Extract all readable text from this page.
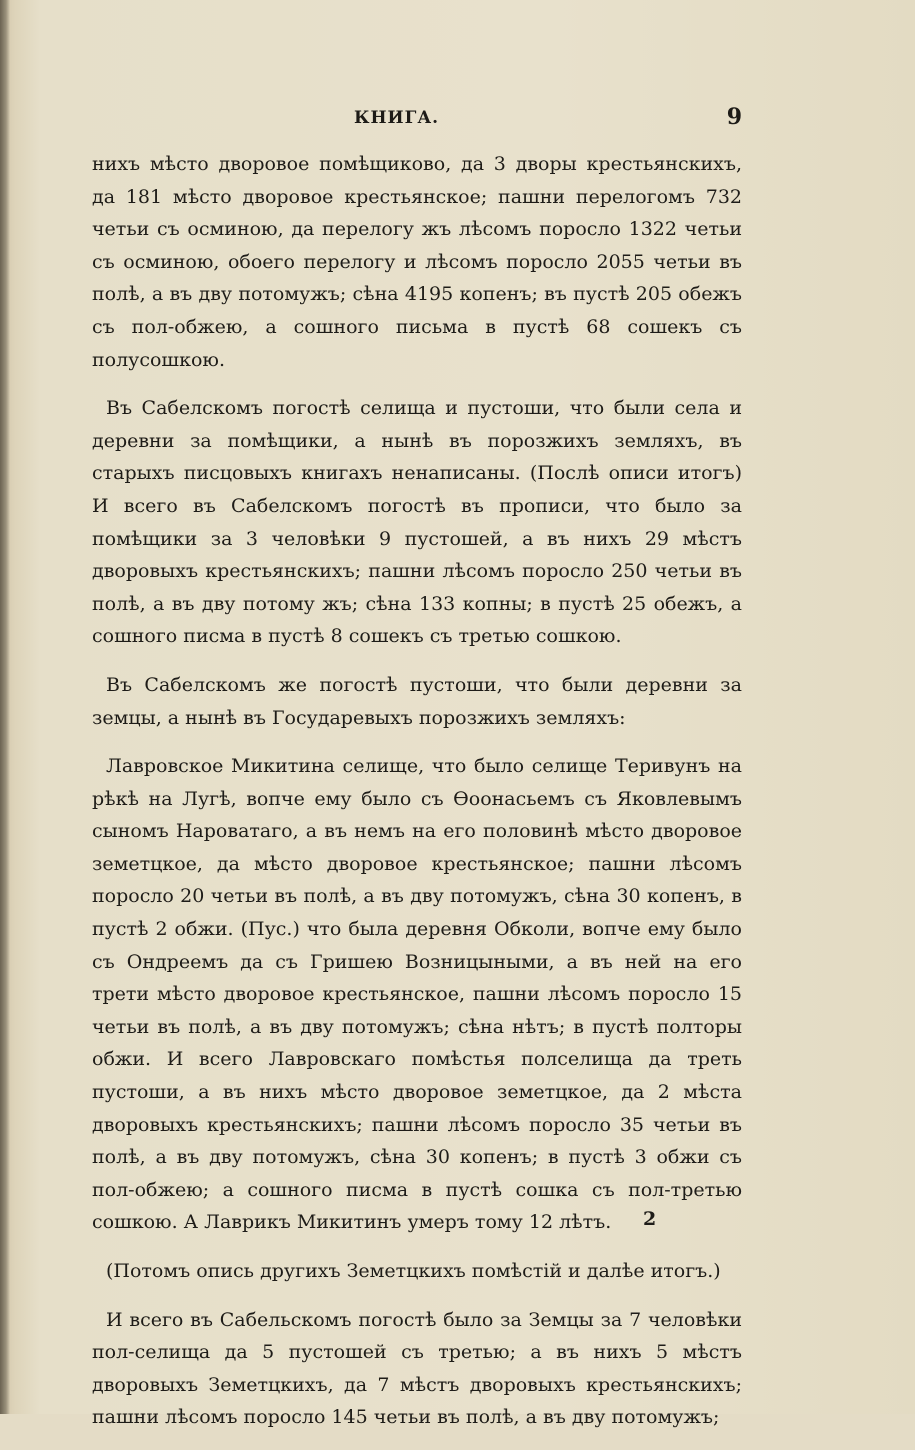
КНИГА.	9

нихъ мѣсто дворовое помѣщиково, да 3 дворы крестьянскихъ, да 181 мѣсто дворовое крестьянское; пашни перелогомъ 732 четьи съ осминою, да перелогу жъ лѣсомъ поросло 1322 четьи съ осминою, обоего перелогу и лѣсомъ поросло 2055 четьи въ полѣ, а въ дву потомужъ; сѣна 4195 копенъ; въ пустѣ 205 обежъ съ пол-обжею, а сошного письма в пустѣ 68 сошекъ съ полусошкою.

Въ Сабелскомъ погостѣ селища и пустоши, что были села и деревни за помѣщики, а нынѣ въ порозжихъ земляхъ, въ старыхъ писцовыхъ книгахъ ненаписаны. (Послѣ описи итогъ) И всего въ Сабелскомъ погостѣ въ прописи, что было за помѣщики за 3 человѣки 9 пустошей, а въ нихъ 29 мѣстъ дворовыхъ крестьянскихъ; пашни лѣсомъ поросло 250 четьи въ полѣ, а въ дву потому жъ; сѣна 133 копны; в пустѣ 25 обежъ, а сошного писма в пустѣ 8 сошекъ съ третью сошкою.

Въ Сабелскомъ же погостѣ пустоши, что были деревни за земцы, а нынѣ въ Государевыхъ порозжихъ земляхъ:

Лавровское Микитина селище, что было селище Теривунъ на рѣкѣ на Лугѣ, вопче ему было съ Ѳоонасьемъ съ Яковлевымъ сыномъ Нароватаго, а въ немъ на его половинѣ мѣсто дворовое земетцкое, да мѣсто дворовое крестьянское; пашни лѣсомъ поросло 20 четьи въ полѣ, а въ дву потомужъ, сѣна 30 копенъ, в пустѣ 2 обжи. (Пус.) что была деревня Обколи, вопче ему было съ Ондреемъ да съ Гришею Возницыными, а въ ней на его трети мѣсто дворовое крестьянское, пашни лѣсомъ поросло 15 четьи въ полѣ, а въ дву потомужъ; сѣна нѣтъ; в пустѣ полторы обжи. И всего Лавровскаго помѣстья полселища да треть пустоши, а въ нихъ мѣсто дворовое земетцкое, да 2 мѣста дворовыхъ крестьянскихъ; пашни лѣсомъ поросло 35 четьи въ полѣ, а въ дву потомужъ, сѣна 30 копенъ; в пустѣ 3 обжи съ пол-обжею; а сошного писма в пустѣ сошка съ пол-третью сошкою. А Лаврикъ Микитинъ умеръ тому 12 лѣтъ.

(Потомъ опись другихъ Земетцкихъ помѣстій и далѣе итогъ.)

И всего въ Сабельскомъ погостѣ было за Земцы за 7 человѣки пол-селища да 5 пустошей съ третью; а въ нихъ 5 мѣстъ дворовыхъ Земетцкихъ, да 7 мѣстъ дворовыхъ крестьянскихъ; пашни лѣсомъ поросло 145 четьи въ полѣ, а въ дву потомужъ;

2
